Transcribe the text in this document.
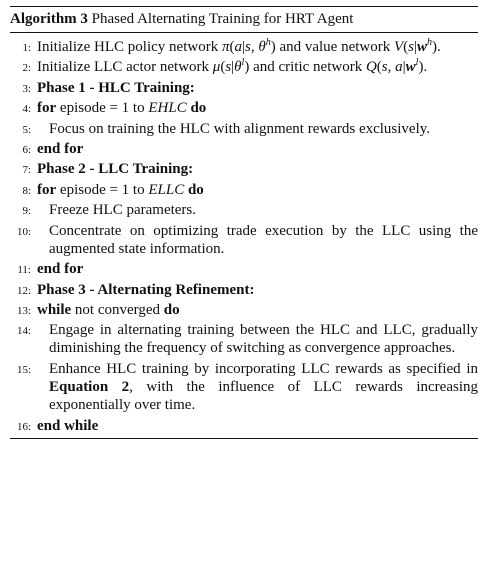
Algorithm 3 Phased Alternating Training for HRT Agent
1: Initialize HLC policy network π(a|s, $\theta^h$) and value network $V(s|w^h)$.
2: Initialize LLC actor network $\mu(s|\theta^l)$ and critic network Q(s, $a|w^l$).
3: Phase 1 - HLC Training:
4: for episode = 1 to EHLC do
5: Focus on training the HLC with alignment rewards exclusively.
6: end for
7: Phase 2 - LLC Training:
8: for episode = 1 to ELLC do
9: Freeze HLC parameters.
10: Concentrate on optimizing trade execution by the LLC using the augmented state information.
11: end for
12: Phase 3 - Alternating Refinement:
13: while not converged do
14: Engage in alternating training between the HLC and LLC, gradually diminishing the frequency of switching as convergence approaches.
15: Enhance HLC training by incorporating LLC rewards as specified in Equation 2, with the influence of LLC rewards increasing exponentially over time.
16: end while
